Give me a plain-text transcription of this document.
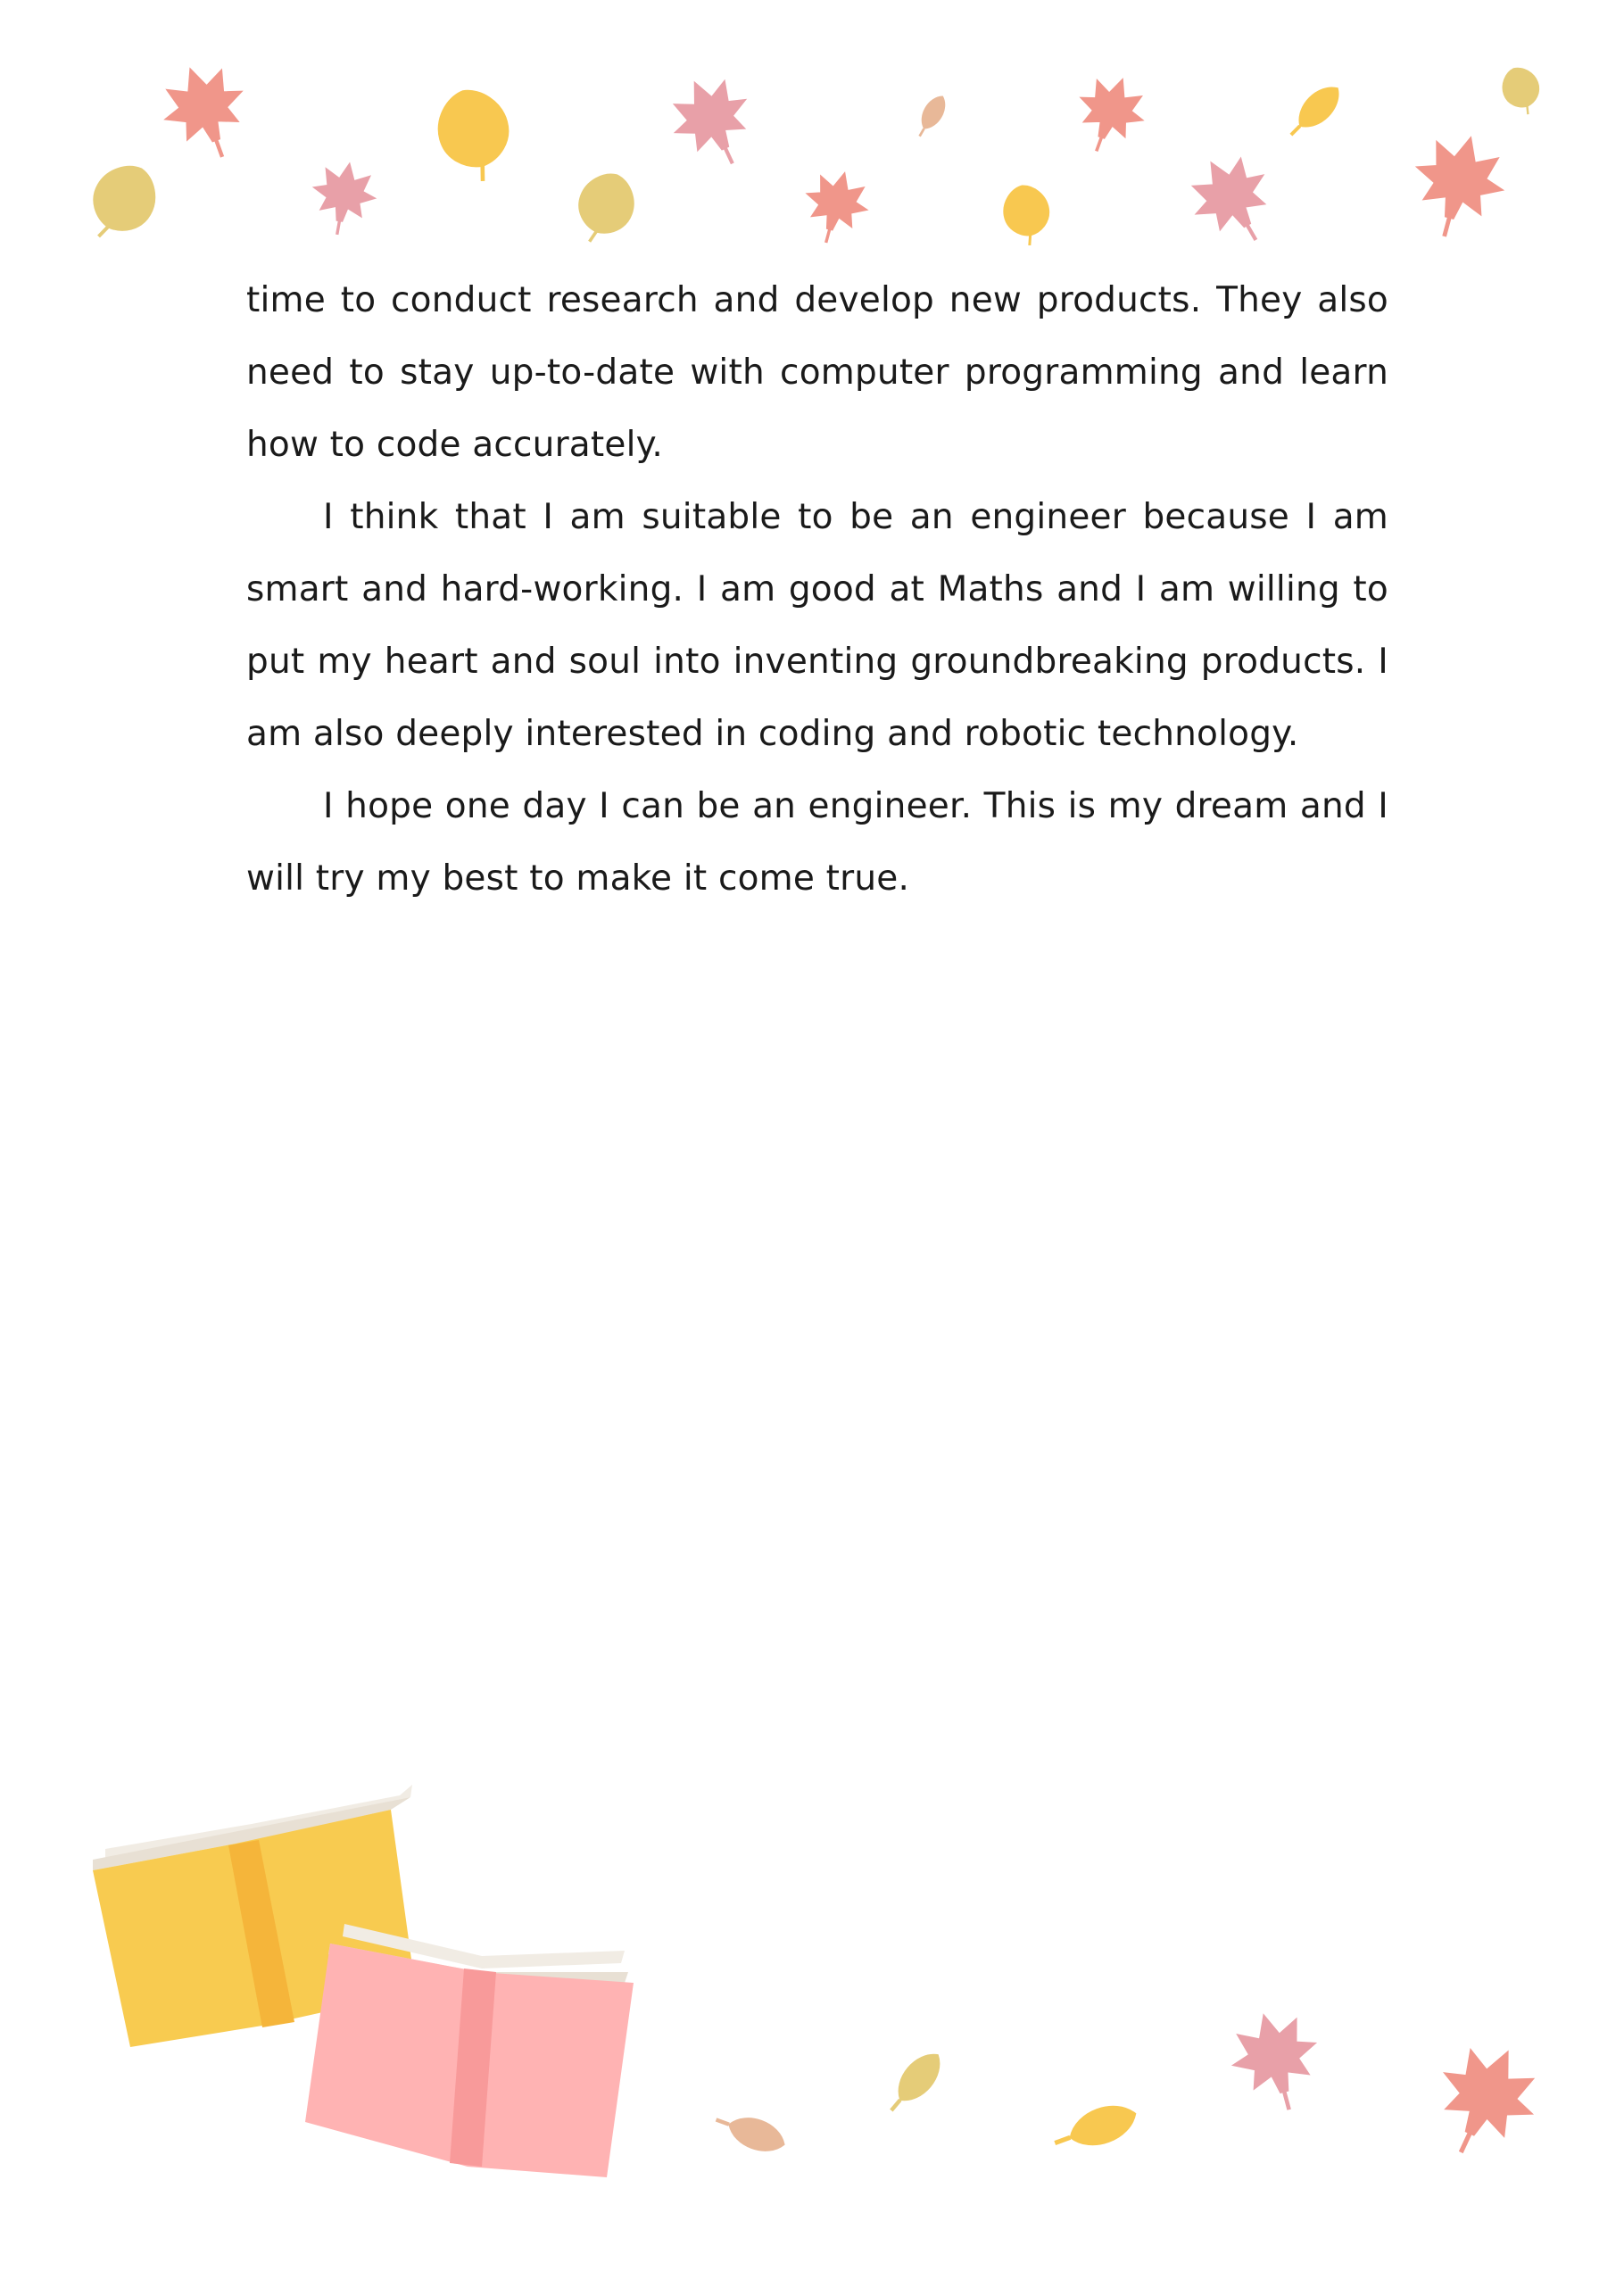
time to conduct research and develop new products. They also need to stay up-to-date with computer programming and learn how to code accurately.

I think that I am suitable to be an engineer because I am smart and hard-working. I am good at Maths and I am willing to put my heart and soul into inventing groundbreaking products. I am also deeply interested in coding and robotic technology.

I hope one day I can be an engineer. This is my dream and I will try my best to make it come true.
